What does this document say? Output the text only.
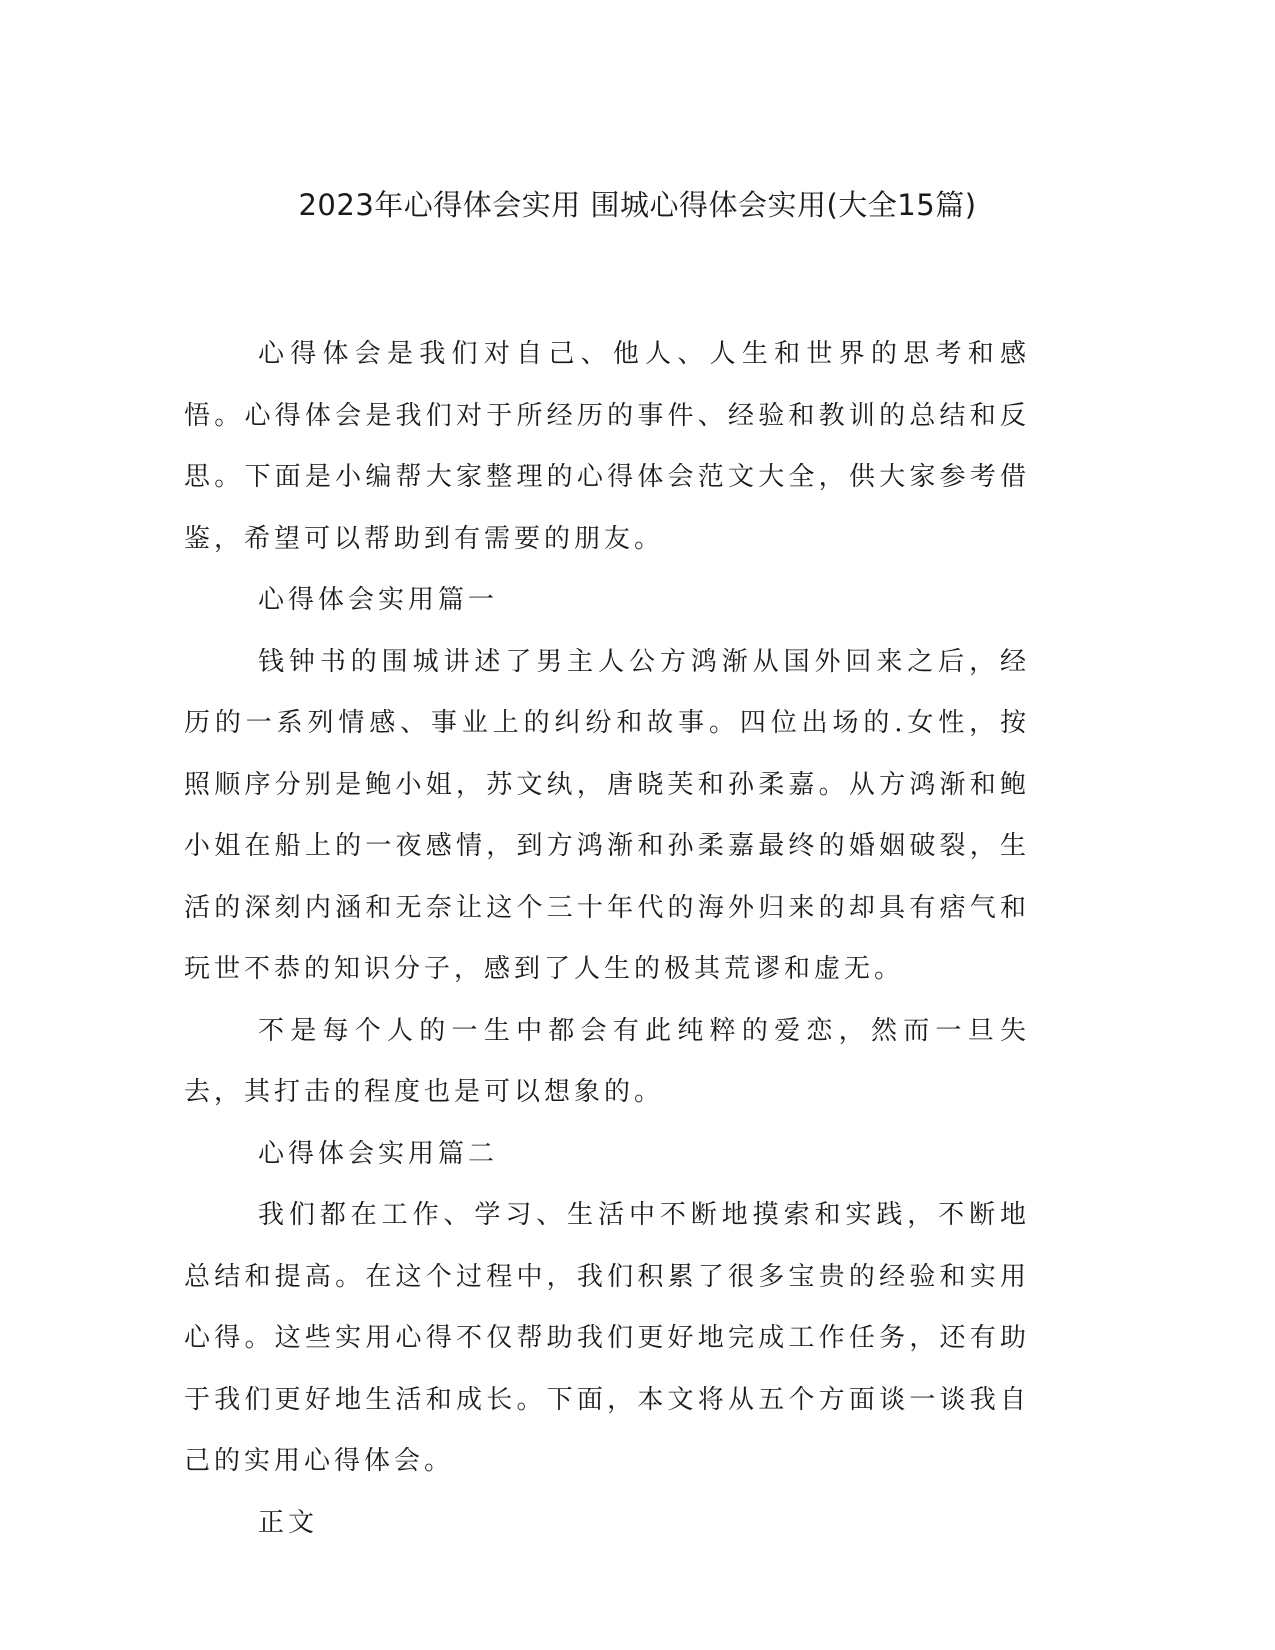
2023年心得体会实用 围城心得体会实用(大全15篇)

心得体会是我们对自己、他人、人生和世界的思考和感悟。心得体会是我们对于所经历的事件、经验和教训的总结和反思。下面是小编帮大家整理的心得体会范文大全，供大家参考借鉴，希望可以帮助到有需要的朋友。

心得体会实用篇一

钱钟书的围城讲述了男主人公方鸿渐从国外回来之后，经历的一系列情感、事业上的纠纷和故事。四位出场的.女性，按照顺序分别是鲍小姐，苏文纨，唐晓芙和孙柔嘉。从方鸿渐和鲍小姐在船上的一夜感情，到方鸿渐和孙柔嘉最终的婚姻破裂，生活的深刻内涵和无奈让这个三十年代的海外归来的却具有痞气和玩世不恭的知识分子，感到了人生的极其荒谬和虚无。

不是每个人的一生中都会有此纯粹的爱恋，然而一旦失去，其打击的程度也是可以想象的。

心得体会实用篇二

我们都在工作、学习、生活中不断地摸索和实践，不断地总结和提高。在这个过程中，我们积累了很多宝贵的经验和实用心得。这些实用心得不仅帮助我们更好地完成工作任务，还有助于我们更好地生活和成长。下面，本文将从五个方面谈一谈我自己的实用心得体会。

正文
